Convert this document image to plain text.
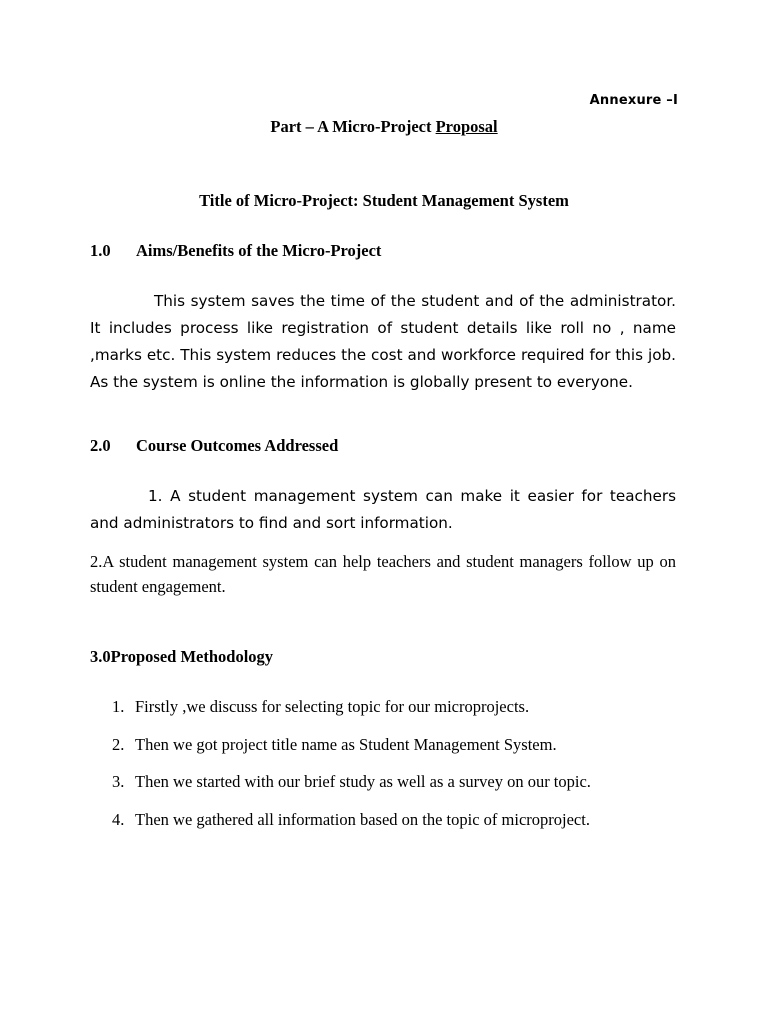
Annexure –I
Part – A Micro-Project Proposal
Title of Micro-Project: Student Management System
1.0 Aims/Benefits of the Micro-Project

This system saves the time of the student and of the administrator. It includes process like registration of student details like roll no , name ,marks etc. This system reduces the cost and workforce required for this job. As the system is online the information is globally present to everyone.

2.0 Course Outcomes Addressed

1. A student management system can make it easier for teachers and administrators to find and sort information.

2.A student management system can help teachers and student managers follow up on student engagement.

3.0Proposed Methodology
1. Firstly ,we discuss for selecting topic for our microprojects.
2. Then we got project title name as Student Management System.
3. Then we started with our brief study as well as a survey on our topic.
4. Then we gathered all information based on the topic of microproject.
